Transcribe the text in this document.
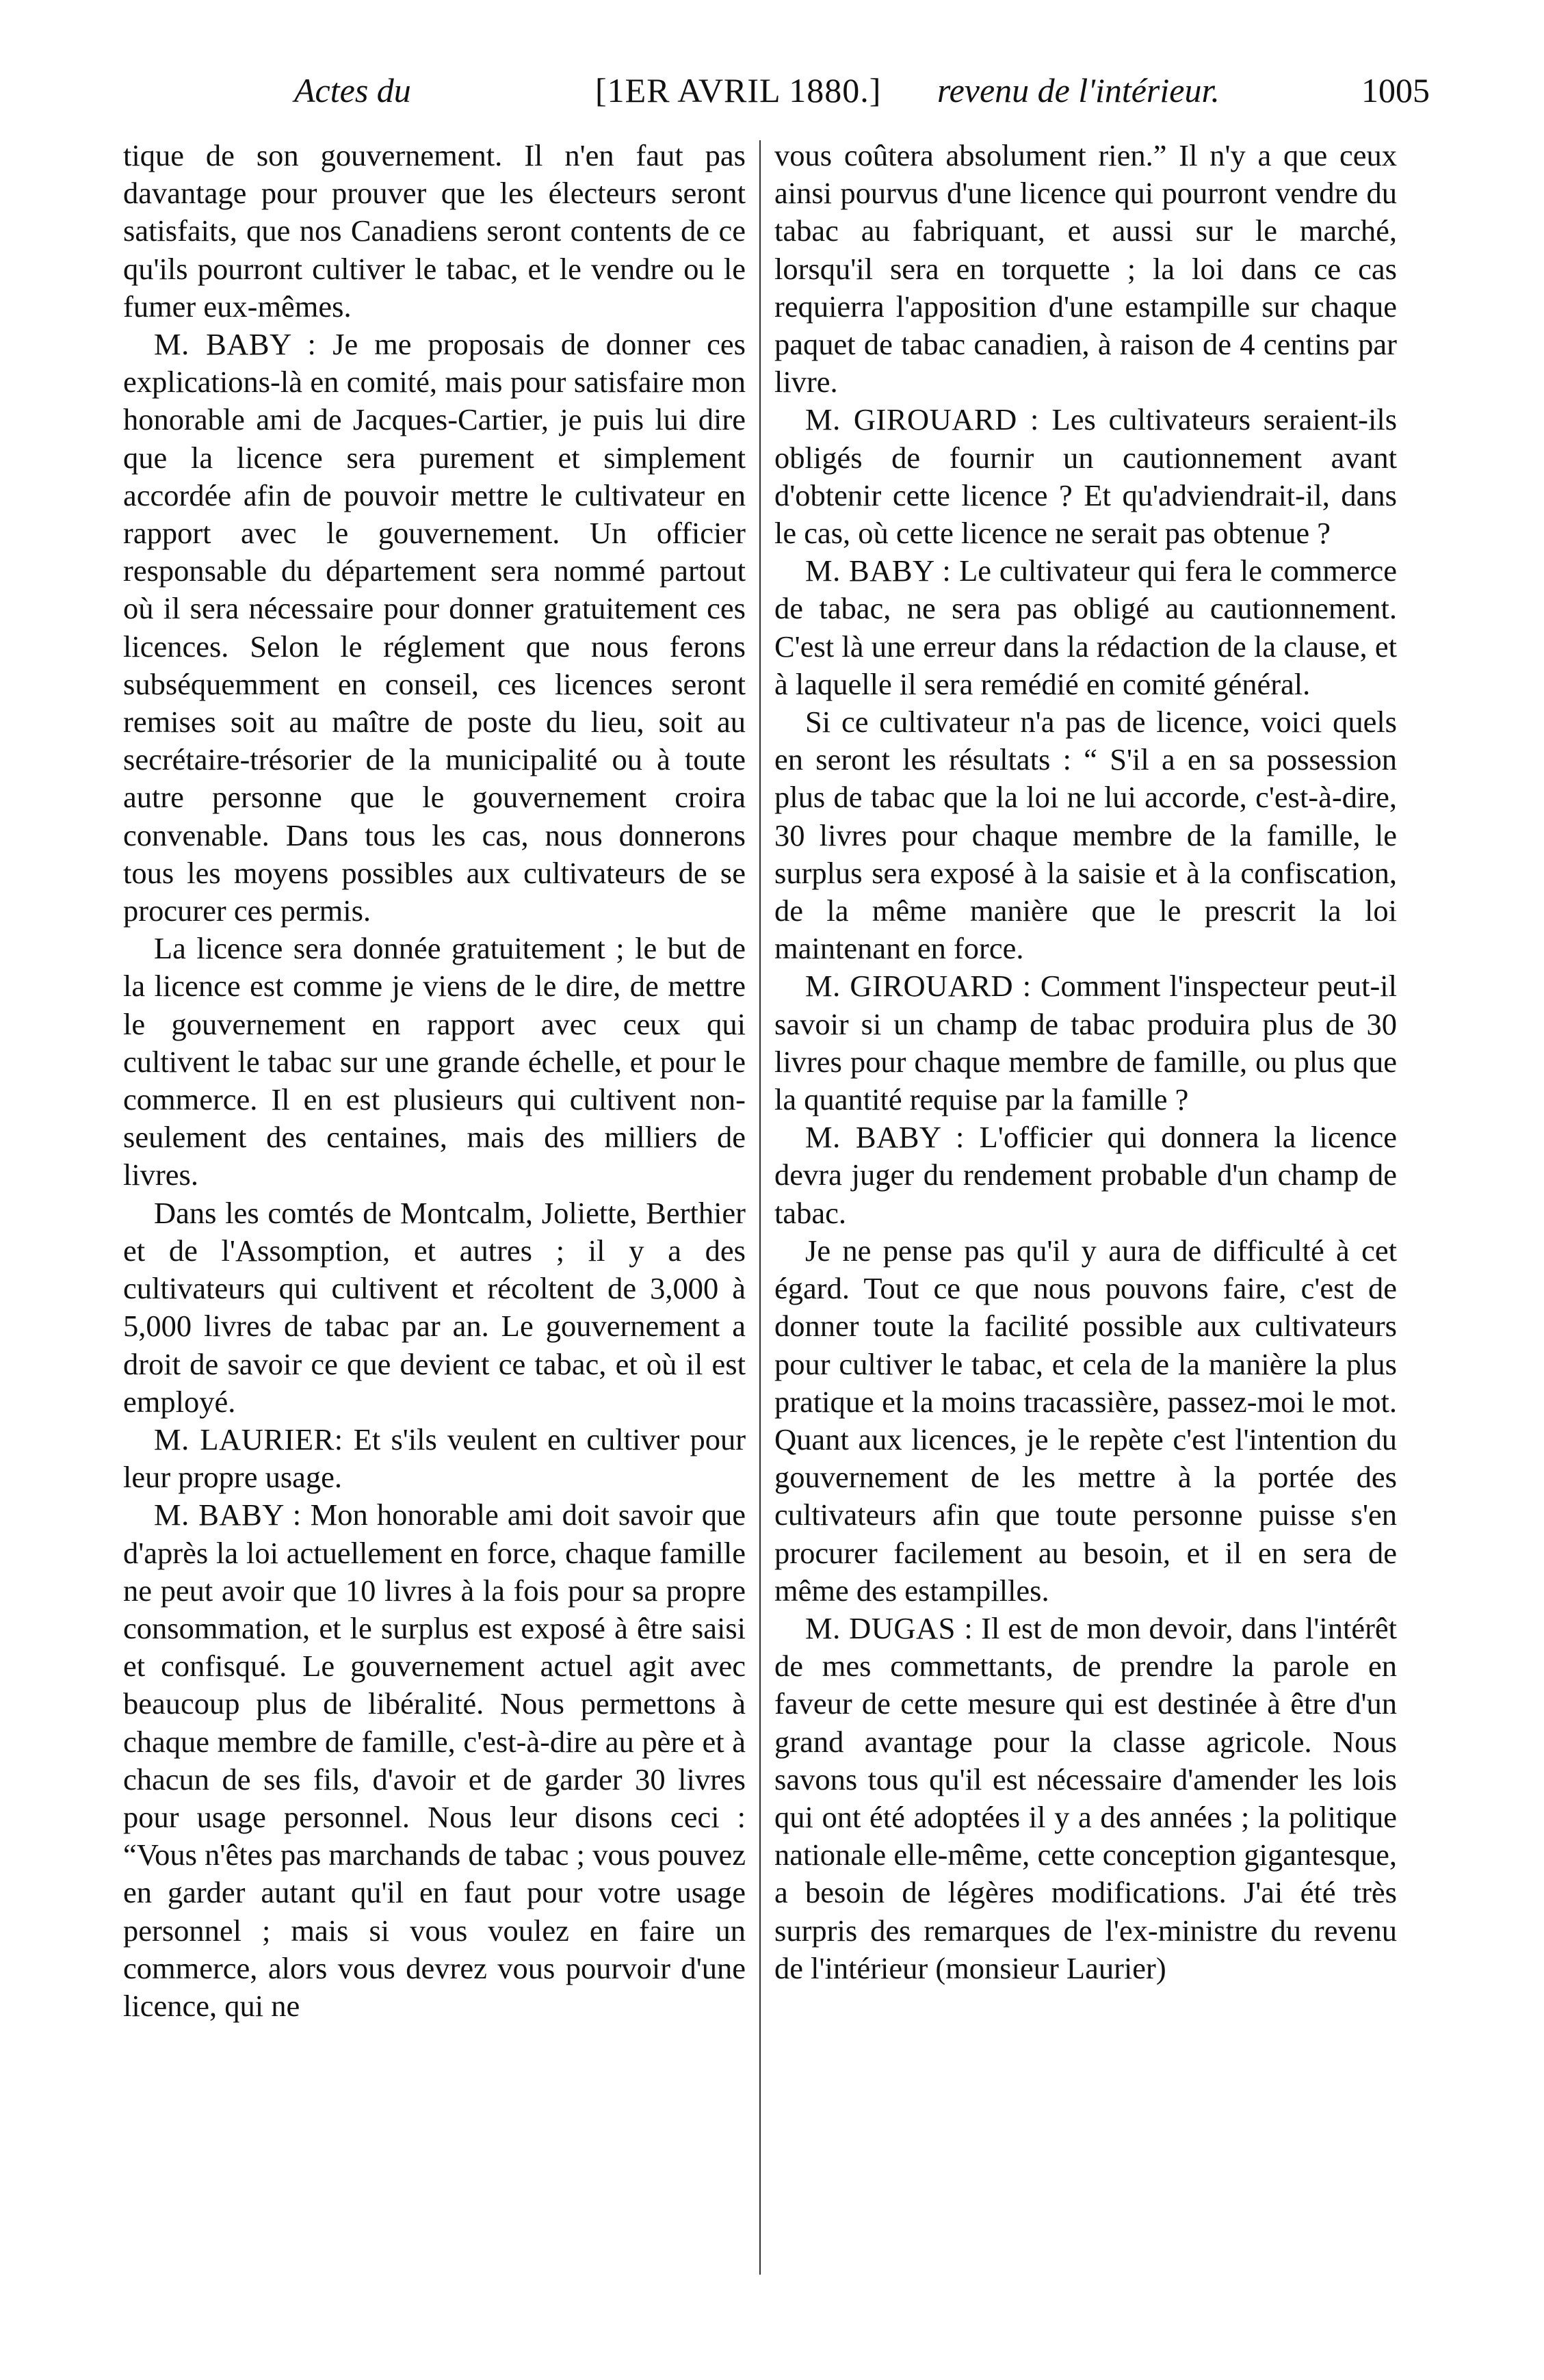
Actes du	[1ER AVRIL 1880.] revenu de l'intérieur.	1005

tique de son gouvernement. Il n'en faut pas davantage pour prouver que les électeurs seront satisfaits, que nos Canadiens seront contents de ce qu'ils pourront cultiver le tabac, et le vendre ou le fumer eux-mêmes.

M. BABY : Je me proposais de donner ces explications-là en comité, mais pour satisfaire mon honorable ami de Jacques-Cartier, je puis lui dire que la licence sera purement et simplement accordée afin de pouvoir mettre le cultivateur en rapport avec le gouvernement. Un officier responsable du département sera nommé partout où il sera nécessaire pour donner gratuitement ces licences. Selon le réglement que nous ferons subséquemment en conseil, ces licences seront remises soit au maître de poste du lieu, soit au secrétaire-trésorier de la municipalité ou à toute autre personne que le gouvernement croira convenable. Dans tous les cas, nous donnerons tous les moyens possibles aux cultivateurs de se procurer ces permis.

La licence sera donnée gratuitement ; le but de la licence est comme je viens de le dire, de mettre le gouvernement en rapport avec ceux qui cultivent le tabac sur une grande échelle, et pour le commerce. Il en est plusieurs qui cultivent non-seulement des centaines, mais des milliers de livres.

Dans les comtés de Montcalm, Joliette, Berthier et de l'Assomption, et autres ; il y a des cultivateurs qui cultivent et récoltent de 3,000 à 5,000 livres de tabac par an. Le gouvernement a droit de savoir ce que devient ce tabac, et où il est employé.

M. LAURIER: Et s'ils veulent en cultiver pour leur propre usage.

M. BABY : Mon honorable ami doit savoir que d'après la loi actuellement en force, chaque famille ne peut avoir que 10 livres à la fois pour sa propre consommation, et le surplus est exposé à être saisi et confisqué. Le gouvernement actuel agit avec beaucoup plus de libéralité. Nous permettons à chaque membre de famille, c'est-à-dire au père et à chacun de ses fils, d'avoir et de garder 30 livres pour usage personnel. Nous leur disons ceci : “Vous n'êtes pas marchands de tabac ; vous pouvez en garder autant qu'il en faut pour votre usage personnel ; mais si vous voulez en faire un commerce, alors vous devrez vous pourvoir d'une licence, qui ne

vous coûtera absolument rien.” Il n'y a que ceux ainsi pourvus d'une licence qui pourront vendre du tabac au fabriquant, et aussi sur le marché, lorsqu'il sera en torquette ; la loi dans ce cas requierra l'apposition d'une estampille sur chaque paquet de tabac canadien, à raison de 4 centins par livre.

M. GIROUARD : Les cultivateurs seraient-ils obligés de fournir un cautionnement avant d'obtenir cette licence ? Et qu'adviendrait-il, dans le cas, où cette licence ne serait pas obtenue ?

M. BABY : Le cultivateur qui fera le commerce de tabac, ne sera pas obligé au cautionnement. C'est là une erreur dans la rédaction de la clause, et à laquelle il sera remédié en comité général.

Si ce cultivateur n'a pas de licence, voici quels en seront les résultats : “ S'il a en sa possession plus de tabac que la loi ne lui accorde, c'est-à-dire, 30 livres pour chaque membre de la famille, le surplus sera exposé à la saisie et à la confiscation, de la même manière que le prescrit la loi maintenant en force.

M. GIROUARD : Comment l'inspecteur peut-il savoir si un champ de tabac produira plus de 30 livres pour chaque membre de famille, ou plus que la quantité requise par la famille ?

M. BABY : L'officier qui donnera la licence devra juger du rendement probable d'un champ de tabac.

Je ne pense pas qu'il y aura de difficulté à cet égard. Tout ce que nous pouvons faire, c'est de donner toute la facilité possible aux cultivateurs pour cultiver le tabac, et cela de la manière la plus pratique et la moins tracassière, passez-moi le mot. Quant aux licences, je le repète c'est l'intention du gouvernement de les mettre à la portée des cultivateurs afin que toute personne puisse s'en procurer facilement au besoin, et il en sera de même des estampilles.

M. DUGAS : Il est de mon devoir, dans l'intérêt de mes commettants, de prendre la parole en faveur de cette mesure qui est destinée à être d'un grand avantage pour la classe agricole. Nous savons tous qu'il est nécessaire d'amender les lois qui ont été adoptées il y a des années ; la politique nationale elle-même, cette conception gigantesque, a besoin de légères modifications. J'ai été très surpris des remarques de l'ex-ministre du revenu de l'intérieur (monsieur Laurier)
